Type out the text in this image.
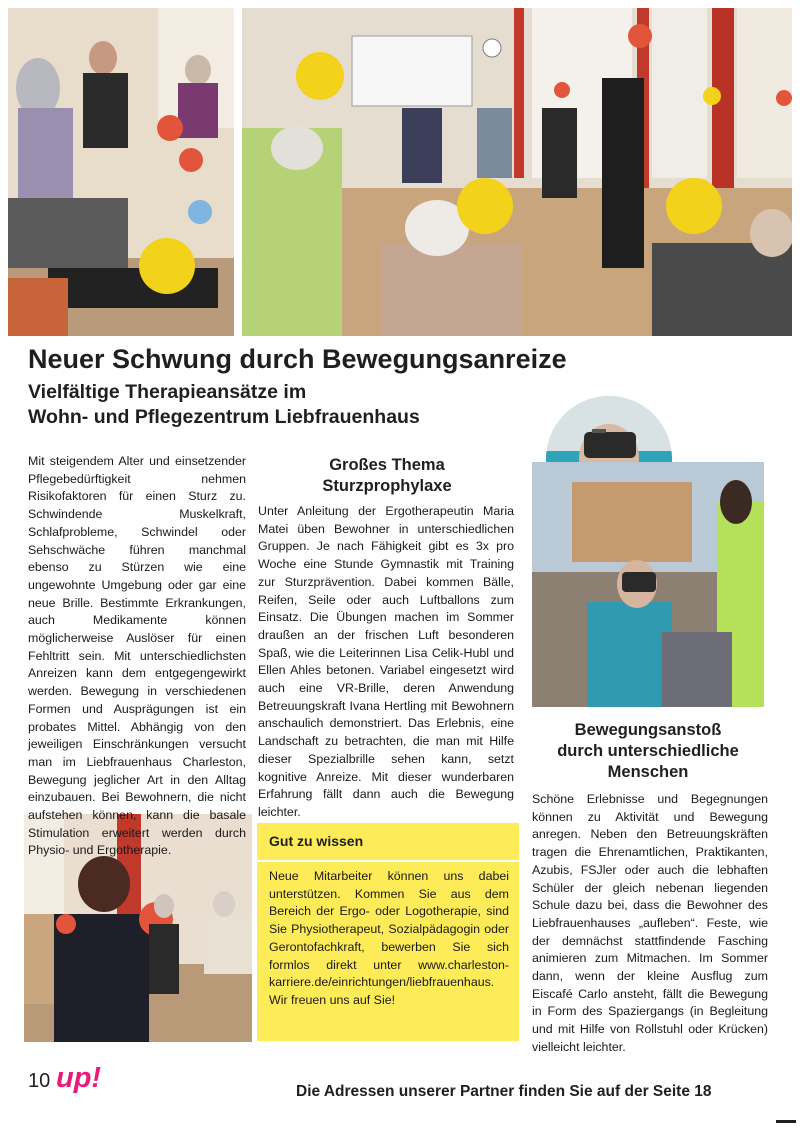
Neuer Schwung durch Bewegungsanreize
Vielfältige Therapieansätze im
Wohn- und Pflegezentrum Liebfrauenhaus
Mit steigendem Alter und einsetzender Pflegebedürftigkeit nehmen Risikofaktoren für einen Sturz zu. Schwindende Muskelkraft, Schlafprobleme, Schwindel oder Sehschwäche führen manchmal ebenso zu Stürzen wie eine ungewohnte Umgebung oder gar eine neue Brille. Bestimmte Erkrankungen, auch Medikamente können möglicherweise Auslöser für einen Fehltritt sein. Mit unterschiedlichsten Anreizen kann dem entgegengewirkt werden. Bewegung in verschiedenen Formen und Ausprägungen ist ein probates Mittel. Abhängig von den jeweiligen Einschränkungen versucht man im Liebfrauenhaus Charleston, Bewegung jeglicher Art in den Alltag einzubauen. Bei Bewohnern, die nicht aufstehen können, kann die basale Stimulation erweitert werden durch Physio- und Ergotherapie.
Großes Thema
Sturzprophylaxe
Unter Anleitung der Ergotherapeutin Maria Matei üben Bewohner in unterschiedlichen Gruppen. Je nach Fähigkeit gibt es 3x pro Woche eine Stunde Gymnastik mit Training zur Sturzprävention. Dabei kommen Bälle, Reifen, Seile oder auch Luftballons zum Einsatz. Die Übungen machen im Sommer draußen an der frischen Luft besonderen Spaß, wie die Leiterinnen Lisa Celik-Hubl und Ellen Ahles betonen. Variabel eingesetzt wird auch eine VR-Brille, deren Anwendung Betreuungskraft Ivana Hertling mit Bewohnern anschaulich demonstriert. Das Erlebnis, eine Landschaft zu betrachten, die man mit Hilfe dieser Spezialbrille sehen kann, setzt kognitive Anreize. Mit dieser wunderbaren Erfahrung fällt dann auch die Bewegung leichter.
Bewegungsanstoß
durch unterschiedliche
Menschen
Schöne Erlebnisse und Begegnungen können zu Aktivität und Bewegung anregen. Neben den Betreuungskräften tragen die Ehrenamtlichen, Praktikanten, Azubis, FSJler oder auch die lebhaften Schüler der gleich nebenan liegenden Schule dazu bei, dass die Bewohner des Liebfrauenhauses „aufleben“. Feste, wie der demnächst stattfindende Fasching animieren zum Mitmachen. Im Sommer dann, wenn der kleine Ausflug zum Eiscafé Carlo ansteht, fällt die Bewegung in Form des Spaziergangs (in Begleitung und mit Hilfe von Rollstuhl oder Krücken) vielleicht leichter.
Gut zu wissen
Neue Mitarbeiter können uns dabei unterstützen. Kommen Sie aus dem Bereich der Ergo- oder Logotherapie, sind Sie Physiotherapeut, Sozialpädagogin oder Gerontofachkraft, bewerben Sie sich formlos direkt unter www.charleston-karriere.de/einrichtungen/liebfrauenhaus. Wir freuen uns auf Sie!
10 up!	Die Adressen unserer Partner finden Sie auf der Seite 18
